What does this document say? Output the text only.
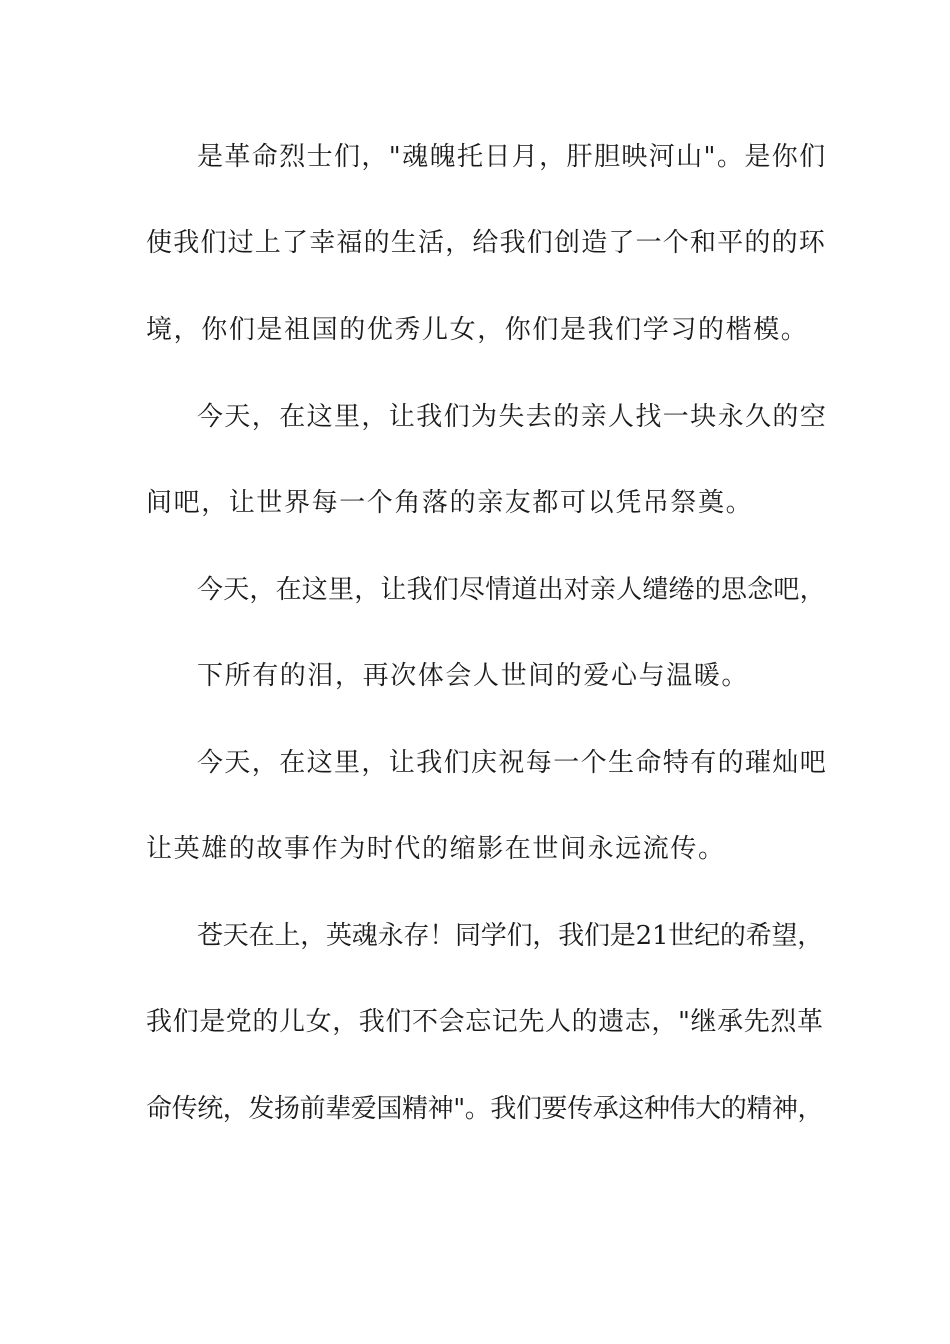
是革命烈士们，"魂魄托日月，肝胆映河山"。是你们
使我们过上了幸福的生活，给我们创造了一个和平的的环
境，你们是祖国的优秀儿女，你们是我们学习的楷模。
今天，在这里，让我们为失去的亲人找一块永久的空
间吧，让世界每一个角落的亲友都可以凭吊祭奠。
今天，在这里，让我们尽情道出对亲人缱绻的思念吧，
下所有的泪，再次体会人世间的爱心与温暖。
今天，在这里，让我们庆祝每一个生命特有的璀灿吧
让英雄的故事作为时代的缩影在世间永远流传。
苍天在上，英魂永存！同学们，我们是21世纪的希望，
我们是党的儿女，我们不会忘记先人的遗志，"继承先烈革
命传统，发扬前辈爱国精神"。我们要传承这种伟大的精神，
